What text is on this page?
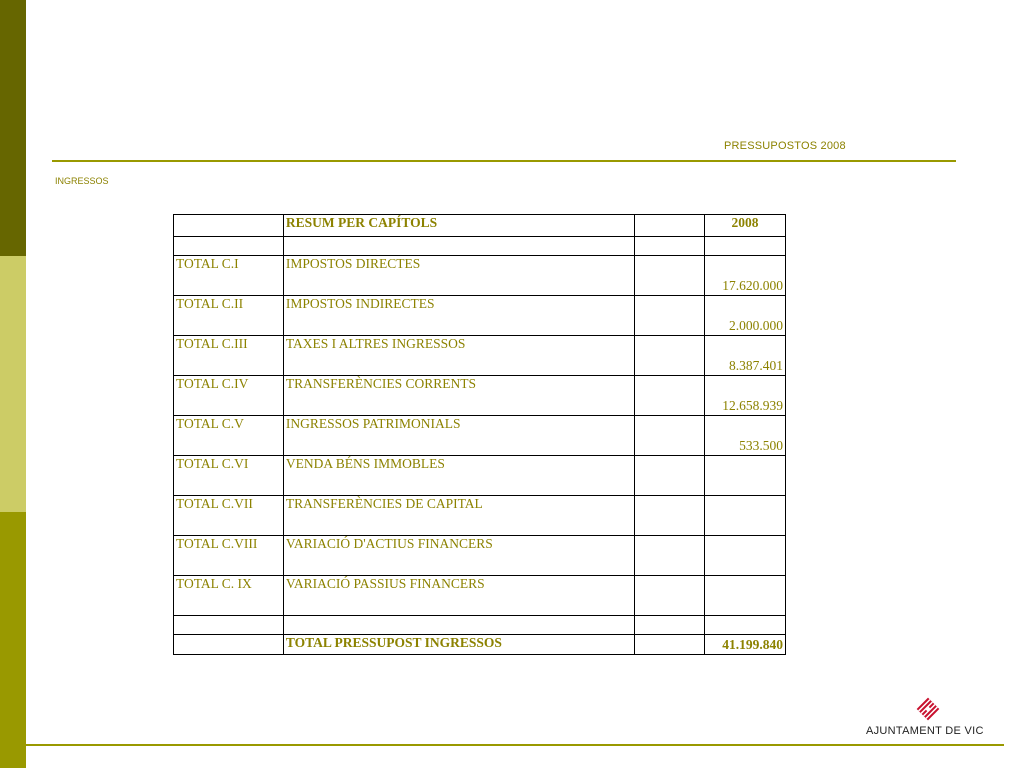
PRESSUPOSTOS 2008
INGRESSOS
	RESUM PER CAPÍTOLS		2008

TOTAL C.I	IMPOSTOS DIRECTES		17.620.000
TOTAL C.II	IMPOSTOS INDIRECTES		2.000.000
TOTAL C.III	TAXES I ALTRES INGRESSOS		8.387.401
TOTAL C.IV	TRANSFERÈNCIES CORRENTS		12.658.939
TOTAL C.V	INGRESSOS PATRIMONIALS		533.500
TOTAL C.VI	VENDA BÉNS IMMOBLES		
TOTAL C.VII	TRANSFERÈNCIES DE CAPITAL		
TOTAL C.VIII	VARIACIÓ D'ACTIUS FINANCERS		
TOTAL C. IX	VARIACIÓ PASSIUS FINANCERS		

	TOTAL PRESSUPOST INGRESSOS		41.199.840
AJUNTAMENT DE VIC
